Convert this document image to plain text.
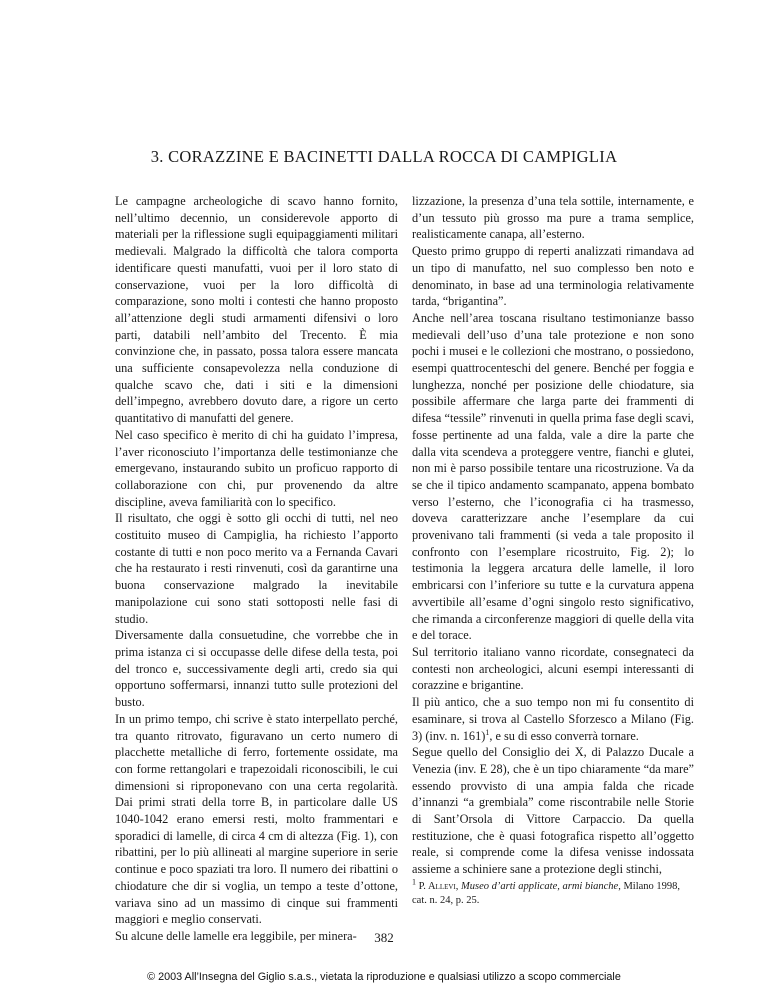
3. CORAZZINE E BACINETTI DALLA ROCCA DI CAMPIGLIA

Le campagne archeologiche di scavo hanno fornito, nell’ultimo decennio, un considerevole apporto di materiali per la riflessione sugli equipaggiamenti militari medievali. Malgrado la difficoltà che talora comporta identificare questi manufatti, vuoi per il loro stato di conservazione, vuoi per la loro difficoltà di comparazione, sono molti i contesti che hanno proposto all’attenzione degli studi armamenti difensivi o loro parti, databili nell’ambito del Trecento. È mia convinzione che, in passato, possa talora essere mancata una sufficiente consapevolezza nella conduzione di qualche scavo che, dati i siti e la dimensioni dell’impegno, avrebbero dovuto dare, a rigore un certo quantitativo di manufatti del genere.

Nel caso specifico è merito di chi ha guidato l’impresa, l’aver riconosciuto l’importanza delle testimonianze che emergevano, instaurando subito un proficuo rapporto di collaborazione con chi, pur provenendo da altre discipline, aveva familiarità con lo specifico.

Il risultato, che oggi è sotto gli occhi di tutti, nel neo costituito museo di Campiglia, ha richiesto l’apporto costante di tutti e non poco merito va a Fernanda Cavari che ha restaurato i resti rinvenuti, così da garantirne una buona conservazione malgrado la inevitabile manipolazione cui sono stati sottoposti nelle fasi di studio.

Diversamente dalla consuetudine, che vorrebbe che in prima istanza ci si occupasse delle difese della testa, poi del tronco e, successivamente degli arti, credo sia qui opportuno soffermarsi, innanzi tutto sulle protezioni del busto.

In un primo tempo, chi scrive è stato interpellato perché, tra quanto ritrovato, figuravano un certo numero di placchette metalliche di ferro, fortemente ossidate, ma con forme rettangolari e trapezoidali riconoscibili, le cui dimensioni si riproponevano con una certa regolarità. Dai primi strati della torre B, in particolare dalle US 1040-1042 erano emersi resti, molto frammentari e sporadici di lamelle, di circa 4 cm di altezza (Fig. 1), con ribattini, per lo più allineati al margine superiore in serie continue e poco spaziati tra loro. Il numero dei ribattini o chiodature che dir si voglia, un tempo a teste d’ottone, variava sino ad un massimo di cinque sui frammenti maggiori e meglio conservati.

Su alcune delle lamelle era leggibile, per minera-

lizzazione, la presenza d’una tela sottile, internamente, e d’un tessuto più grosso ma pure a trama semplice, realisticamente canapa, all’esterno.

Questo primo gruppo di reperti analizzati rimandava ad un tipo di manufatto, nel suo complesso ben noto e denominato, in base ad una terminologia relativamente tarda, “brigantina”.

Anche nell’area toscana risultano testimonianze basso medievali dell’uso d’una tale protezione e non sono pochi i musei e le collezioni che mostrano, o possiedono, esempi quattrocenteschi del genere. Benché per foggia e lunghezza, nonché per posizione delle chiodature, sia possibile affermare che larga parte dei frammenti di difesa “tessile” rinvenuti in quella prima fase degli scavi, fosse pertinente ad una falda, vale a dire la parte che dalla vita scendeva a proteggere ventre, fianchi e glutei, non mi è parso possibile tentare una ricostruzione. Va da se che il tipico andamento scampanato, appena bombato verso l’esterno, che l’iconografia ci ha trasmesso, doveva caratterizzare anche l’esemplare da cui provenivano tali frammenti (si veda a tale proposito il confronto con l’esemplare ricostruito, Fig. 2); lo testimonia la leggera arcatura delle lamelle, il loro embricarsi con l’inferiore su tutte e la curvatura appena avvertibile all’esame d’ogni singolo resto significativo, che rimanda a circonferenze maggiori di quelle della vita e del torace.

Sul territorio italiano vanno ricordate, consegnateci da contesti non archeologici, alcuni esempi interessanti di corazzine e brigantine.

Il più antico, che a suo tempo non mi fu consentito di esaminare, si trova al Castello Sforzesco a Milano (Fig. 3) (inv. n. 161)$^1$, e su di esso converrà tornare.

Segue quello del Consiglio dei X, di Palazzo Ducale a Venezia (inv. E 28), che è un tipo chiaramente “da mare” essendo provvisto di una ampia falda che ricade d’innanzi “a grembiala” come riscontrabile nelle Storie di Sant’Orsola di Vittore Carpaccio. Da quella restituzione, che è quasi fotografica rispetto all’oggetto reale, si comprende come la difesa venisse indossata assieme a schiniere sane a protezione degli stinchi,

$^1$ P. Allevi, Museo d’arti applicate, armi bianche, Milano 1998, cat. n. 24, p. 25.

382
© 2003 All’Insegna del Giglio s.a.s., vietata la riproduzione e qualsiasi utilizzo a scopo commerciale
